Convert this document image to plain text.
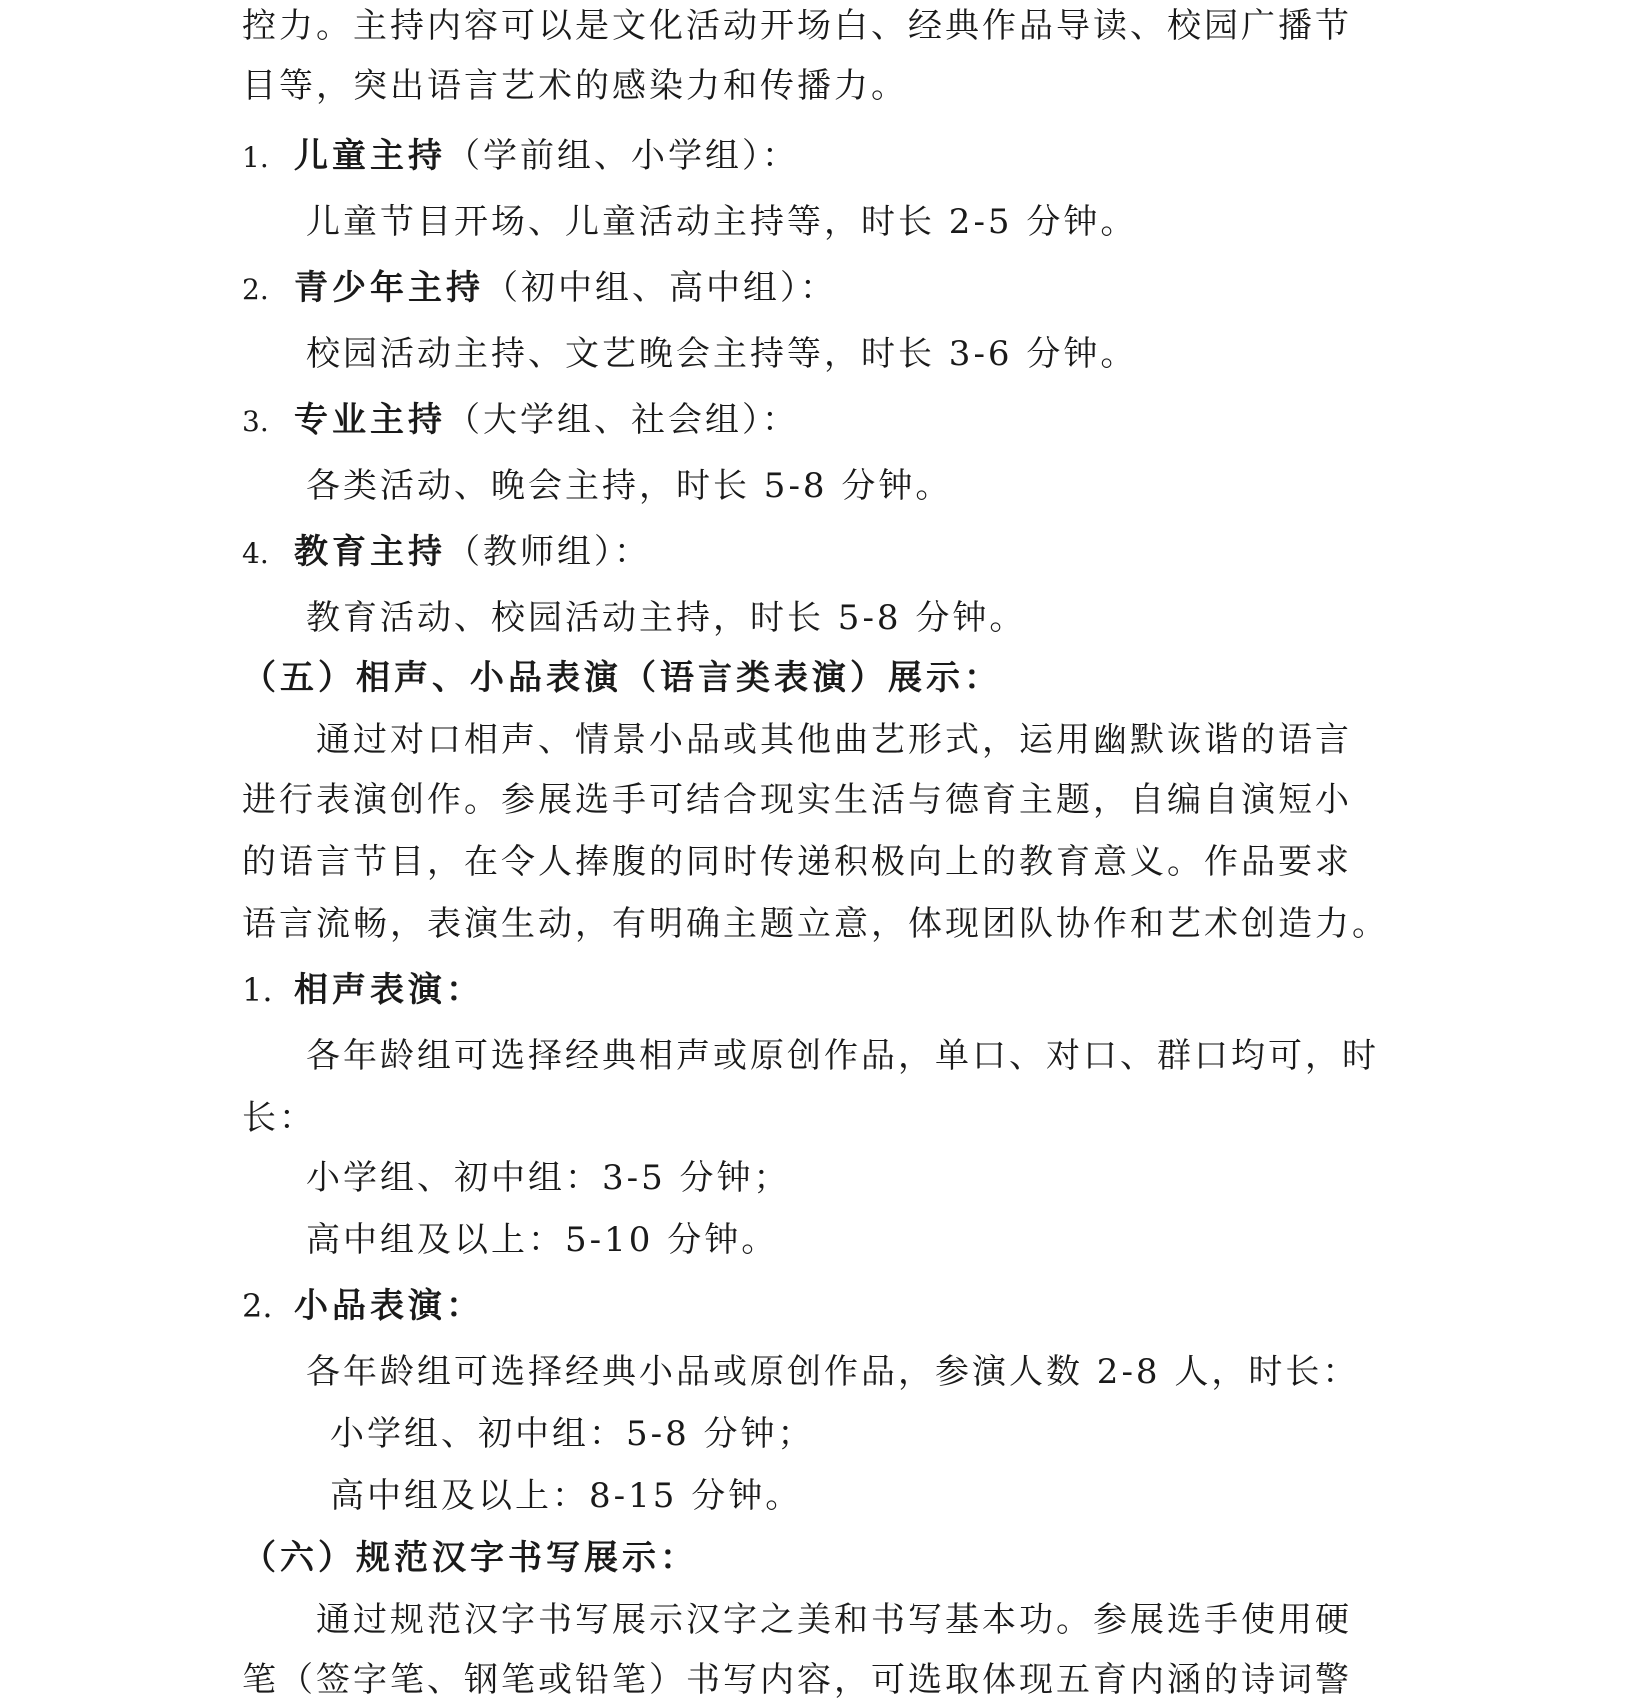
控力。主持内容可以是文化活动开场白、经典作品导读、校园广播节
目等，突出语言艺术的感染力和传播力。
1. 儿童主持（学前组、小学组）：
儿童节目开场、儿童活动主持等，时长 2-5 分钟。
2. 青少年主持（初中组、高中组）：
校园活动主持、文艺晚会主持等，时长 3-6 分钟。
3. 专业主持（大学组、社会组）：
各类活动、晚会主持，时长 5-8 分钟。
4. 教育主持（教师组）：
教育活动、校园活动主持，时长 5-8 分钟。
（五）相声、小品表演（语言类表演）展示：
通过对口相声、情景小品或其他曲艺形式，运用幽默诙谐的语言
进行表演创作。参展选手可结合现实生活与德育主题，自编自演短小
的语言节目，在令人捧腹的同时传递积极向上的教育意义。作品要求
语言流畅，表演生动，有明确主题立意，体现团队协作和艺术创造力。
1. 相声表演：
各年龄组可选择经典相声或原创作品，单口、对口、群口均可，时
长：
小学组、初中组：3-5 分钟；
高中组及以上：5-10 分钟。
2. 小品表演：
各年龄组可选择经典小品或原创作品，参演人数 2-8 人，时长：
小学组、初中组：5-8 分钟；
高中组及以上：8-15 分钟。
（六）规范汉字书写展示：
通过规范汉字书写展示汉字之美和书写基本功。参展选手使用硬
笔（签字笔、钢笔或铅笔）书写内容，可选取体现五育内涵的诗词警
